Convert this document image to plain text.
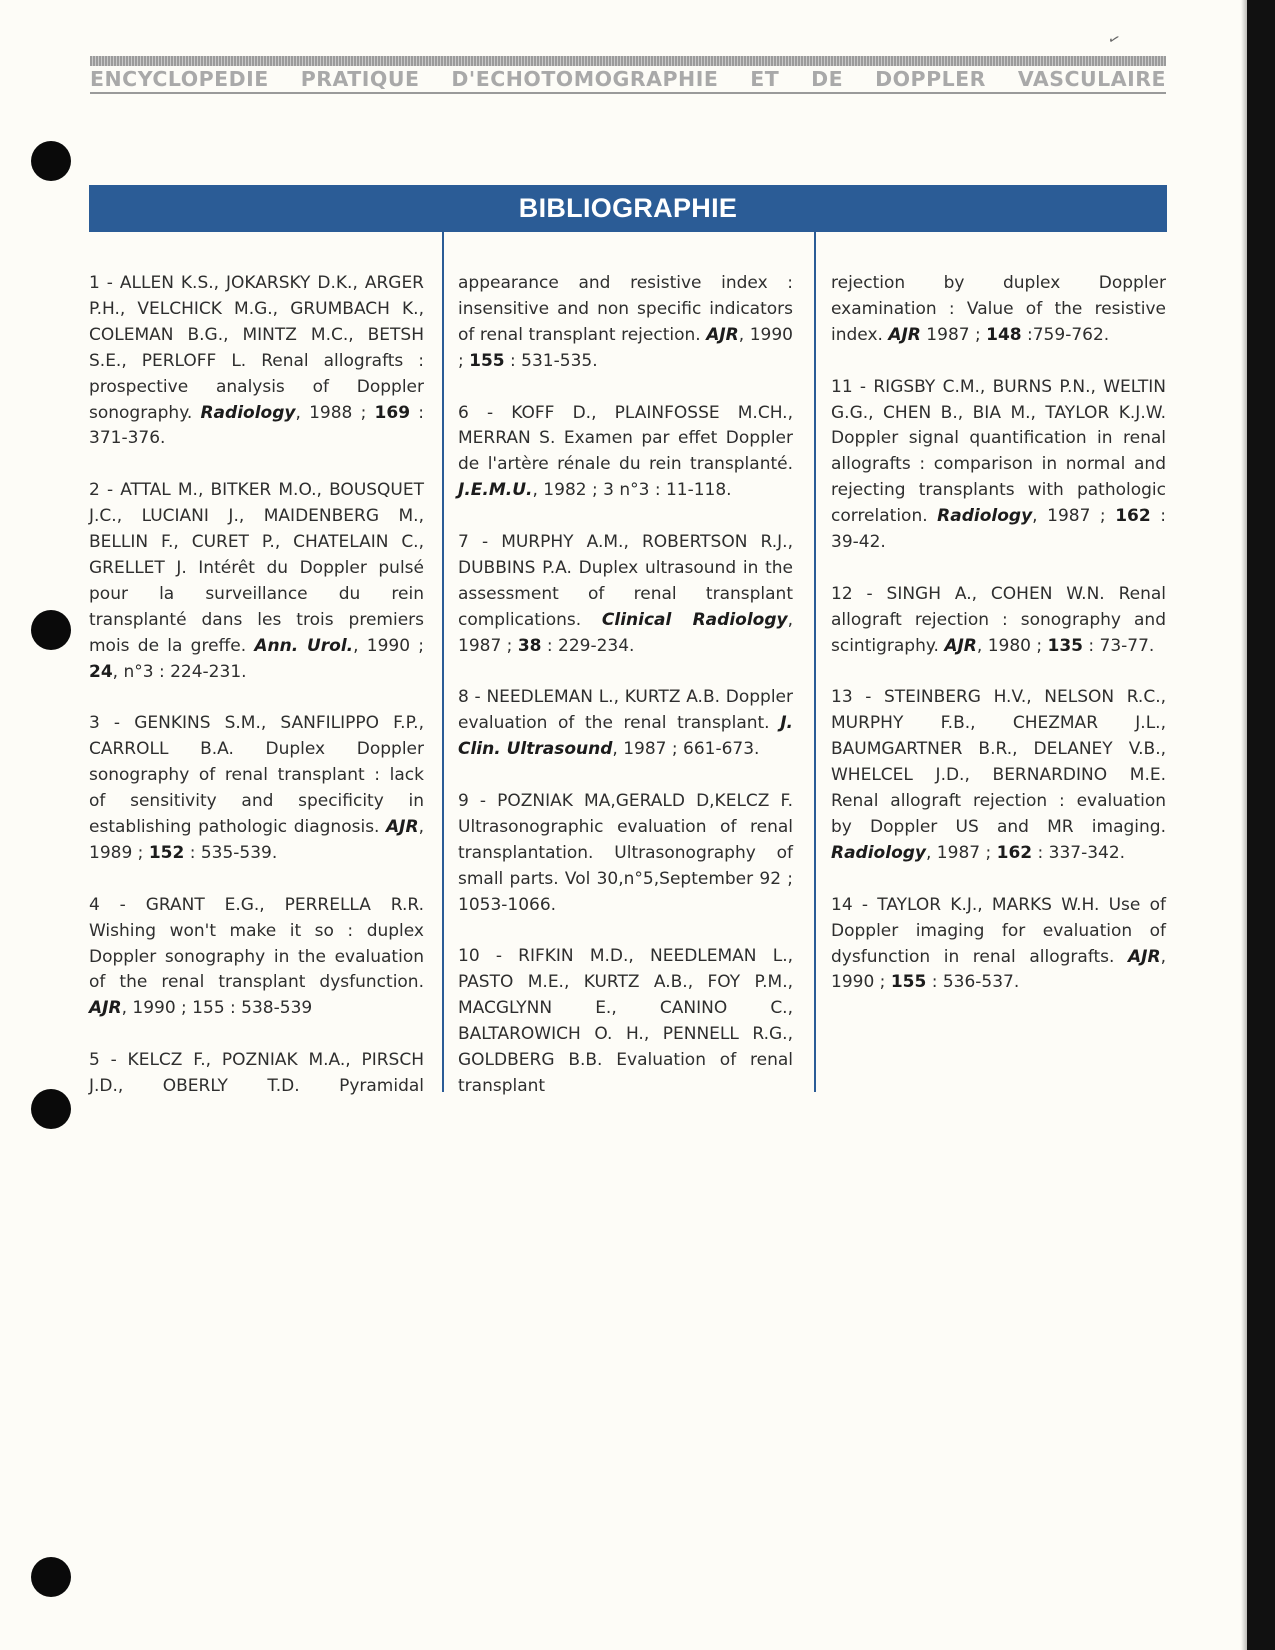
✓
ENCYCLOPEDIE PRATIQUE D'ECHOTOMOGRAPHIE ET DE DOPPLER VASCULAIRE
BIBLIOGRAPHIE

1 - ALLEN K.S., JOKARSKY D.K., ARGER P.H., VELCHICK M.G., GRUMBACH K., COLEMAN B.G., MINTZ M.C., BETSH S.E., PERLOFF L. Renal allografts : prospective analysis of Doppler sonography. Radiology, 1988 ; 169 : 371-376.

2 - ATTAL M., BITKER M.O., BOUSQUET J.C., LUCIANI J., MAIDENBERG M., BELLIN F., CURET P., CHATELAIN C., GRELLET J. Intérêt du Doppler pulsé pour la surveillance du rein transplanté dans les trois premiers mois de la greffe. Ann. Urol., 1990 ; 24, n°3 : 224-231.

3 - GENKINS S.M., SANFILIPPO F.P., CARROLL B.A. Duplex Doppler sonography of renal transplant : lack of sensitivity and specificity in establishing pathologic diagnosis. AJR, 1989 ; 152 : 535-539.

4 - GRANT E.G., PERRELLA R.R. Wishing won't make it so : duplex Doppler sonography in the evaluation of the renal transplant dysfunction. AJR, 1990 ; 155 : 538-539

5 - KELCZ F., POZNIAK M.A., PIRSCH J.D., OBERLY T.D. Pyramidal

appearance and resistive index : insensitive and non specific indicators of renal transplant rejection. AJR, 1990 ; 155 : 531-535.

6 - KOFF D., PLAINFOSSE M.CH., MERRAN S. Examen par effet Doppler de l'artère rénale du rein transplanté. J.E.M.U., 1982 ; 3 n°3 : 11-118.

7 - MURPHY A.M., ROBERTSON R.J., DUBBINS P.A. Duplex ultrasound in the assessment of renal transplant complications. Clinical Radiology, 1987 ; 38 : 229-234.

8 - NEEDLEMAN L., KURTZ A.B. Doppler evaluation of the renal transplant. J. Clin. Ultrasound, 1987 ; 661-673.

9 - POZNIAK MA,GERALD D,KELCZ F. Ultrasonographic evaluation of renal transplantation. Ultrasonography of small parts. Vol 30,n°5,September 92 ; 1053-1066.

10 - RIFKIN M.D., NEEDLEMAN L., PASTO M.E., KURTZ A.B., FOY P.M., MACGLYNN E., CANINO C., BALTAROWICH O. H., PENNELL R.G., GOLDBERG B.B. Evaluation of renal transplant

rejection by duplex Doppler examination : Value of the resistive index. AJR 1987 ; 148 :759-762.

11 - RIGSBY C.M., BURNS P.N., WELTIN G.G., CHEN B., BIA M., TAYLOR K.J.W. Doppler signal quantification in renal allografts : comparison in normal and rejecting transplants with pathologic correlation. Radiology, 1987 ; 162 : 39-42.

12 - SINGH A., COHEN W.N. Renal allograft rejection : sonography and scintigraphy. AJR, 1980 ; 135 : 73-77.

13 - STEINBERG H.V., NELSON R.C., MURPHY F.B., CHEZMAR J.L., BAUMGARTNER B.R., DELANEY V.B., WHELCEL J.D., BERNARDINO M.E. Renal allograft rejection : evaluation by Doppler US and MR imaging. Radiology, 1987 ; 162 : 337-342.

14 - TAYLOR K.J., MARKS W.H. Use of Doppler imaging for evaluation of dysfunction in renal allografts. AJR, 1990 ; 155 : 536-537.
